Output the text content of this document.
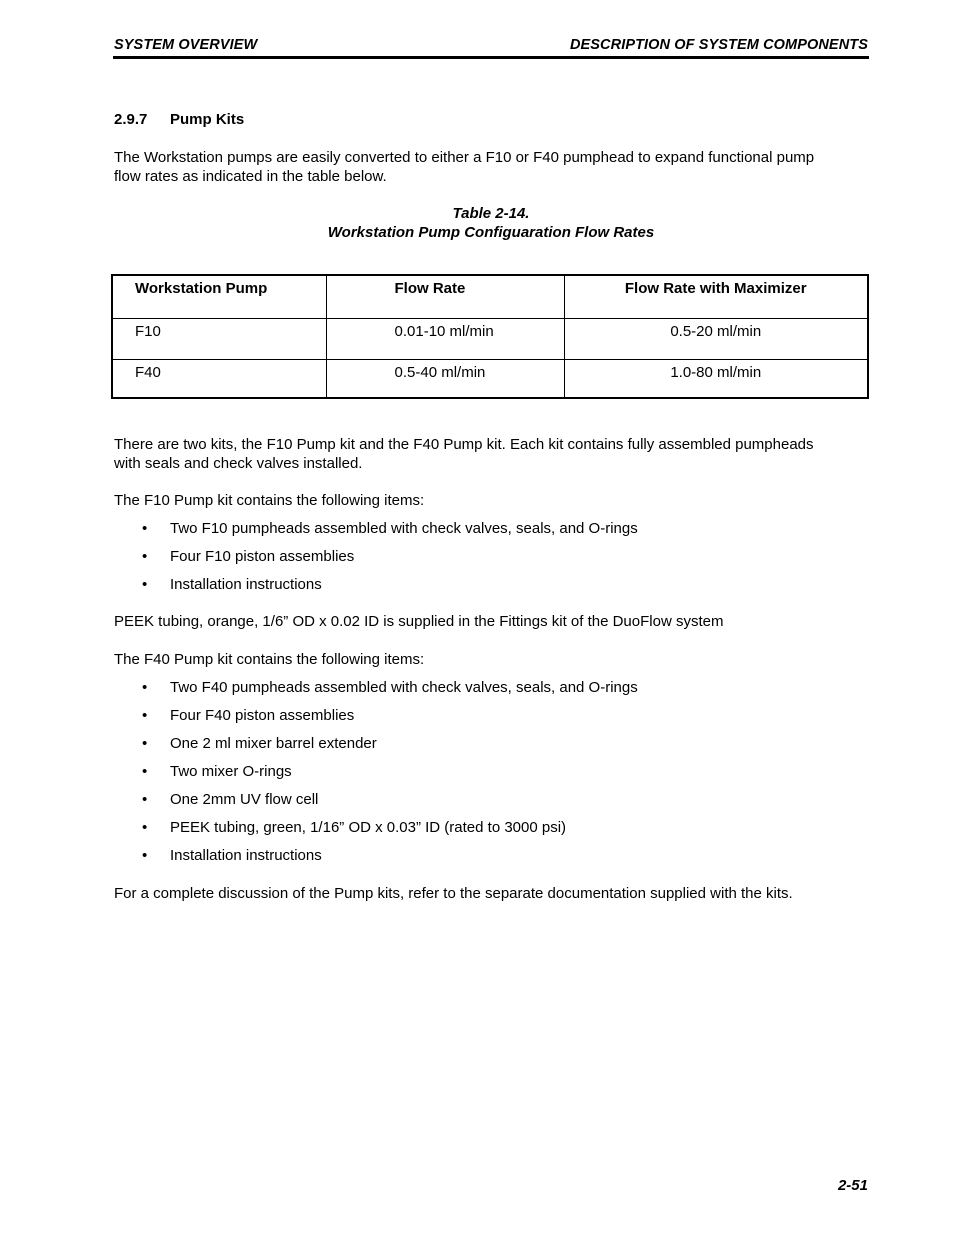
SYSTEM OVERVIEW	DESCRIPTION OF SYSTEM COMPONENTS
2.9.7 Pump Kits
The Workstation pumps are easily converted to either a F10 or F40 pumphead to expand functional pump
flow rates as indicated in the table below.
Table 2-14.
Workstation Pump Configuaration Flow Rates
Workstation Pump	Flow Rate	Flow Rate with Maximizer
F10	0.01-10 ml/min	0.5-20 ml/min
F40	0.5-40 ml/min	1.0-80 ml/min
There are two kits, the F10 Pump kit and the F40 Pump kit. Each kit contains fully assembled pumpheads
with seals and check valves installed.
The F10 Pump kit contains the following items:
• Two F10 pumpheads assembled with check valves, seals, and O-rings
• Four F10 piston assemblies
• Installation instructions
PEEK tubing, orange, 1/6” OD x 0.02 ID is supplied in the Fittings kit of the DuoFlow system
The F40 Pump kit contains the following items:
• Two F40 pumpheads assembled with check valves, seals, and O-rings
• Four F40 piston assemblies
• One 2 ml mixer barrel extender
• Two mixer O-rings
• One 2mm UV flow cell
• PEEK tubing, green, 1/16” OD x 0.03” ID (rated to 3000 psi)
• Installation instructions
For a complete discussion of the Pump kits, refer to the separate documentation supplied with the kits.
2-51
